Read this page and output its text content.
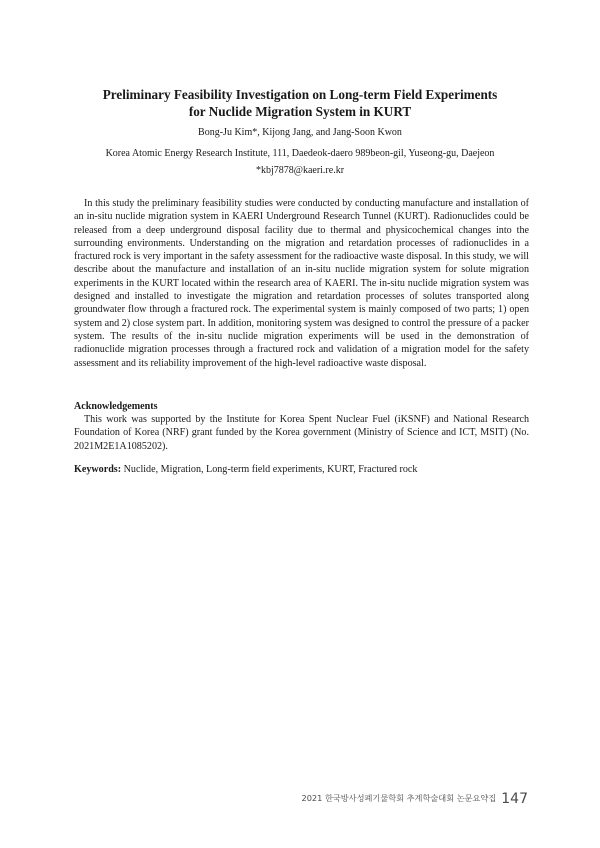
Preliminary Feasibility Investigation on Long-term Field Experiments
for Nuclide Migration System in KURT
Bong-Ju Kim*, Kijong Jang, and Jang-Soon Kwon
Korea Atomic Energy Research Institute, 111, Daedeok-daero 989beon-gil, Yuseong-gu, Daejeon
*kbj7878@kaeri.re.kr

In this study the preliminary feasibility studies were conducted by conducting manufacture and installation of an in-situ nuclide migration system in KAERI Underground Research Tunnel (KURT). Radionuclides could be released from a deep underground disposal facility due to thermal and physicochemical changes into the surrounding environments. Understanding on the migration and retardation processes of radionuclides in a fractured rock is very important in the safety assessment for the radioactive waste disposal. In this study, we will describe about the manufacture and installation of an in-situ nuclide migration system for solute migration experiments in the KURT located within the research area of KAERI. The in-situ nuclide migration system was designed and installed to investigate the migration and retardation processes of solutes transported along groundwater flow through a fractured rock. The experimental system is mainly composed of two parts; 1) open system and 2) close system part. In addition, monitoring system was designed to control the pressure of a packer system. The results of the in-situ nuclide migration experiments will be used in the demonstration of radionuclide migration processes through a fractured rock and validation of a migration model for the safety assessment and its reliability improvement of the high-level radioactive waste disposal.

Acknowledgements

This work was supported by the Institute for Korea Spent Nuclear Fuel (iKSNF) and National Research Foundation of Korea (NRF) grant funded by the Korea government (Ministry of Science and ICT, MSIT) (No. 2021M2E1A1085202).

Keywords: Nuclide, Migration, Long-term field experiments, KURT, Fractured rock
2021 한국방사성폐기물학회 추계학술대회 논문요약집 147
